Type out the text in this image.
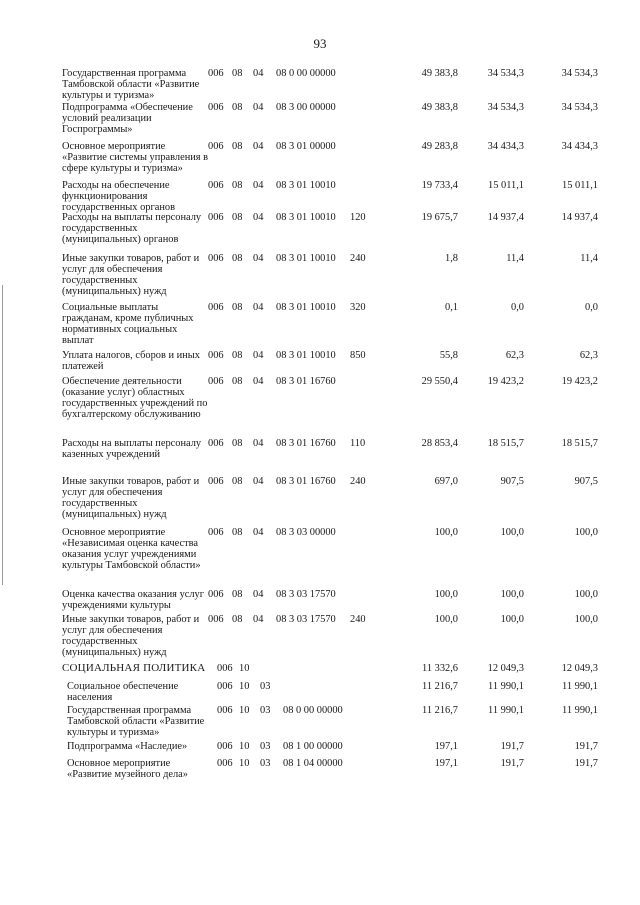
93
Государственная программа Тамбовской области «Развитие культуры и туризма»
006 08 04 08 0 00 00000	49 383,8	34 534,3	34 534,3
Подпрограмма «Обеспечение условий реализации Госпрограммы»
006 08 04 08 3 00 00000	49 383,8	34 534,3	34 534,3
Основное мероприятие «Развитие системы управления в сфере культуры и туризма»
006 08 04 08 3 01 00000	49 283,8	34 434,3	34 434,3
Расходы на обеспечение функционирования государственных органов
006 08 04 08 3 01 10010	19 733,4	15 011,1	15 011,1
Расходы на выплаты персоналу государственных (муниципальных) органов
006 08 04 08 3 01 10010 120	19 675,7	14 937,4	14 937,4
Иные закупки товаров, работ и услуг для обеспечения государственных (муниципальных) нужд
006 08 04 08 3 01 10010 240	1,8	11,4	11,4
Социальные выплаты гражданам, кроме публичных нормативных социальных выплат
006 08 04 08 3 01 10010 320	0,1	0,0	0,0
Уплата налогов, сборов и иных платежей
006 08 04 08 3 01 10010 850	55,8	62,3	62,3
Обеспечение деятельности (оказание услуг) областных государственных учреждений по бухгалтерскому обслуживанию
006 08 04 08 3 01 16760	29 550,4	19 423,2	19 423,2
Расходы на выплаты персоналу казенных учреждений
006 08 04 08 3 01 16760 110	28 853,4	18 515,7	18 515,7
Иные закупки товаров, работ и услуг для обеспечения государственных (муниципальных) нужд
006 08 04 08 3 01 16760 240	697,0	907,5	907,5
Основное мероприятие «Независимая оценка качества оказания услуг учреждениями культуры Тамбовской области»
006 08 04 08 3 03 00000	100,0	100,0	100,0
Оценка качества оказания услуг учреждениями культуры
006 08 04 08 3 03 17570	100,0	100,0	100,0
Иные закупки товаров, работ и услуг для обеспечения государственных (муниципальных) нужд
006 08 04 08 3 03 17570 240	100,0	100,0	100,0
СОЦИАЛЬНАЯ ПОЛИТИКА	006 10	11 332,6	12 049,3	12 049,3
Социальное обеспечение населения
006 10 03	11 216,7	11 990,1	11 990,1
Государственная программа Тамбовской области «Развитие культуры и туризма»
006 10 03 08 0 00 00000	11 216,7	11 990,1	11 990,1
Подпрограмма «Наследие»	006 10 03 08 1 00 00000	197,1	191,7	191,7
Основное мероприятие «Развитие музейного дела»
006 10 03 08 1 04 00000	197,1	191,7	191,7
